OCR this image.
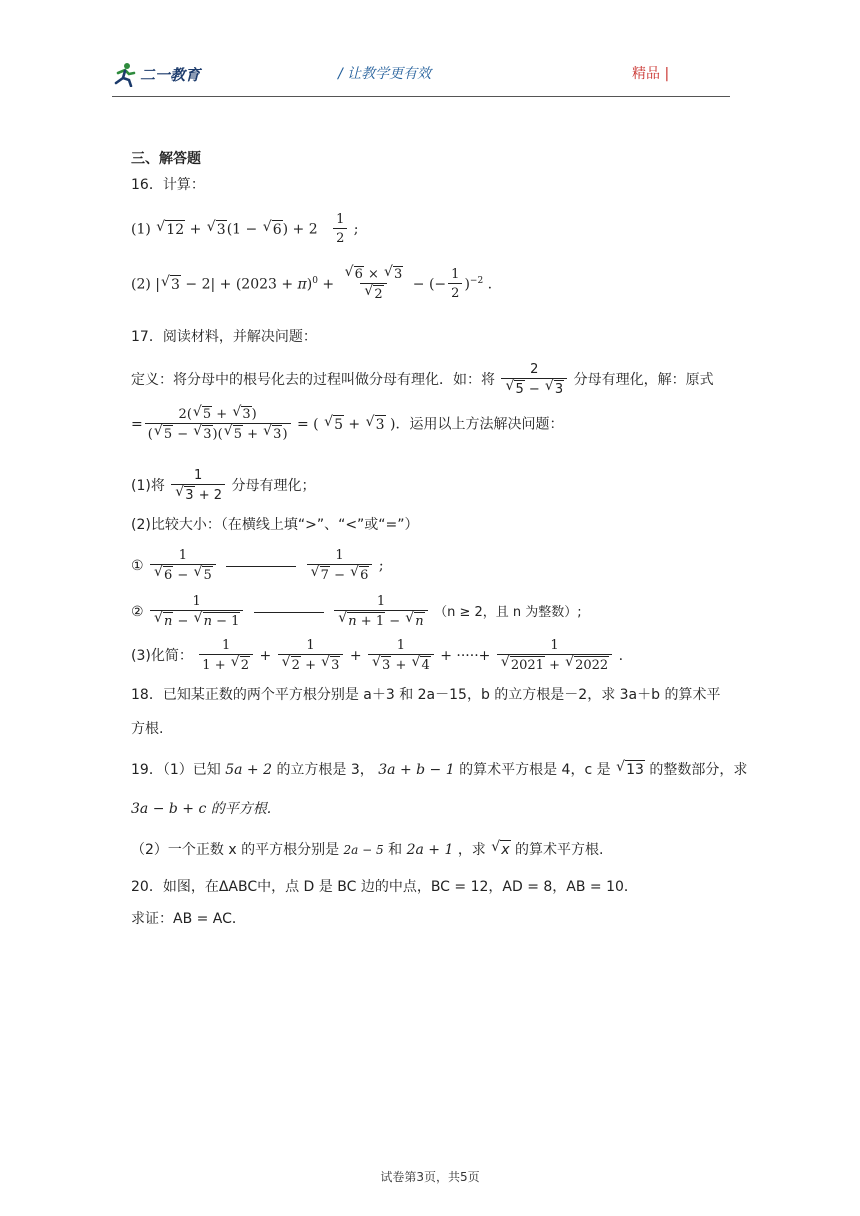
二一教育	/ 让教学更有效	精品 |
三、解答题
16．计算：
(1) √ 12 + √ 3(1 − √ $6) + 2 \frac{1}{2}$ ;
(2) | √ $3 - 2| + (2023 + \pi)^0$ + √ 6 × √ 3
√ 2 − (− $\frac{1}{2} )^{-2}$ .
17．阅读材料，并解决问题：
定义：将分母中的根号化去的过程叫做分母有理化．如：将 2
√ 5 − √ 3 分母有理化，解：原式
= $\frac{2( √ 5 + √ 3)}{( √ 5 - √ 3)( √ 5 + √ 3)}$ = ( √ 5 + √ 3 )．运用以上方法解决问题：
(1)将 1
√ 3 + 2 分母有理化；
(2)比较大小：（在横线上填“>”、“<”或“=”）
① 1
√ 6 − √ 5
	1
√ 7 − √ 6 ;
② 1
√ n − √ n − 1
	1
√ n + 1 − √ n （n ≥ 2，且 n 为整数）;
(3)化简： $\frac{1}{1 + √ 2} + 1$
√ 2 + √ 3 + 1
√ 3 + √ 4 + ·····+ 1
√ 2021 + √ 2022 .
18．已知某正数的两个平方根分别是 a＋3 和 2a－15，b 的立方根是－2，求 3a＋b 的算术平
方根.
19．（1）已知 5a + 2 的立方根是 3， 3a + b − 1 的算术平方根是 4，c 是 √ 13 的整数部分，求
3a − b + c 的平方根.
（2）一个正数 x 的平方根分别是 2a − 5 和 2a + 1 ，求 √ x 的算术平方根.
20．如图，在ΔABC中，点 D 是 BC 边的中点，BC = 12，AD = 8，AB = 10．
求证：AB = AC．
试卷第3页，共5页
